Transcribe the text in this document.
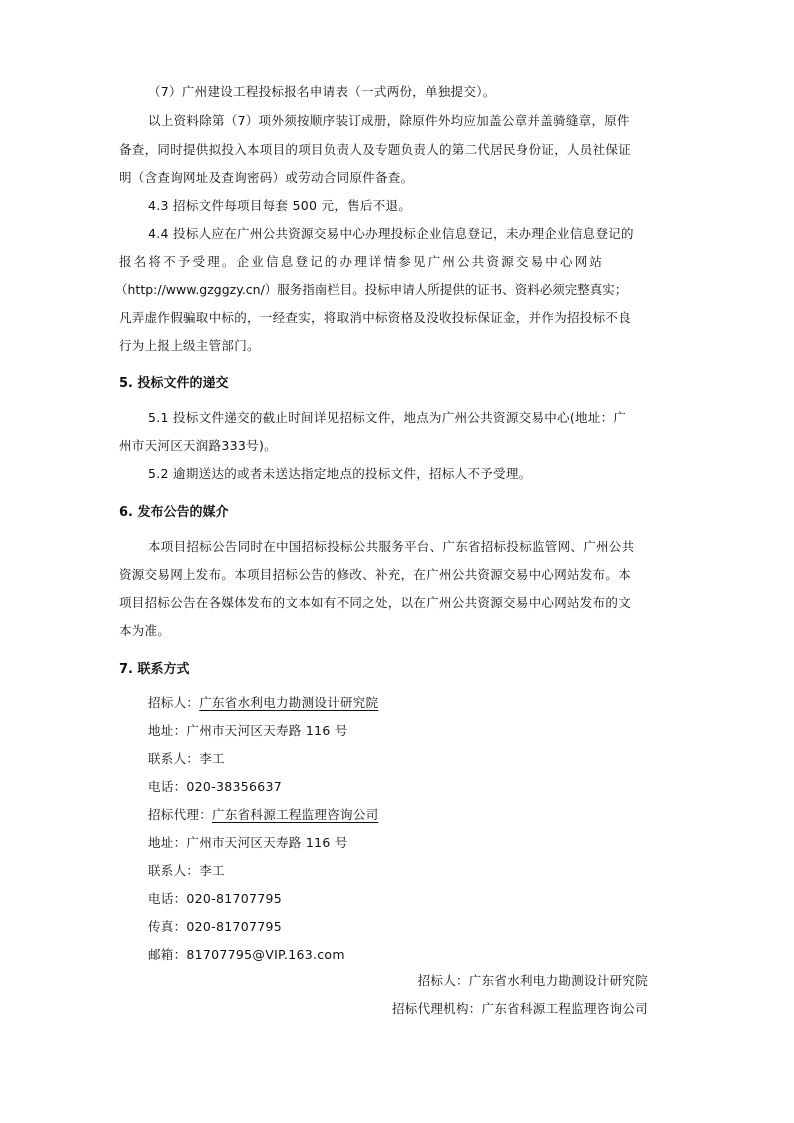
（7）广州建设工程投标报名申请表（一式两份，单独提交）。
以上资料除第（7）项外须按顺序装订成册，除原件外均应加盖公章并盖骑缝章，原件
备查，同时提供拟投入本项目的项目负责人及专题负责人的第二代居民身份证，人员社保证
明（含查询网址及查询密码）或劳动合同原件备查。
4.3 招标文件每项目每套 500 元，售后不退。
4.4 投标人应在广州公共资源交易中心办理投标企业信息登记，未办理企业信息登记的
报名将不予受理。企业信息登记的办理详情参见广州公共资源交易中心网站
（http://www.gzggzy.cn/）服务指南栏目。投标申请人所提供的证书、资料必须完整真实；
凡弄虚作假骗取中标的，一经查实，将取消中标资格及没收投标保证金，并作为招投标不良
行为上报上级主管部门。
5. 投标文件的递交
5.1 投标文件递交的截止时间详见招标文件，地点为广州公共资源交易中心(地址：广
州市天河区天润路333号)。
5.2 逾期送达的或者未送达指定地点的投标文件，招标人不予受理。
6. 发布公告的媒介
本项目招标公告同时在中国招标投标公共服务平台、广东省招标投标监管网、广州公共
资源交易网上发布。本项目招标公告的修改、补充，在广州公共资源交易中心网站发布。本
项目招标公告在各媒体发布的文本如有不同之处，以在广州公共资源交易中心网站发布的文
本为准。
7. 联系方式
招标人：广东省水利电力勘测设计研究院
地址：广州市天河区天寿路 116 号
联系人：李工
电话：020-38356637
招标代理：广东省科源工程监理咨询公司
地址：广州市天河区天寿路 116 号
联系人：李工
电话：020-81707795
传真：020-81707795
邮箱：81707795@VIP.163.com
招标人：广东省水利电力勘测设计研究院
招标代理机构：广东省科源工程监理咨询公司
